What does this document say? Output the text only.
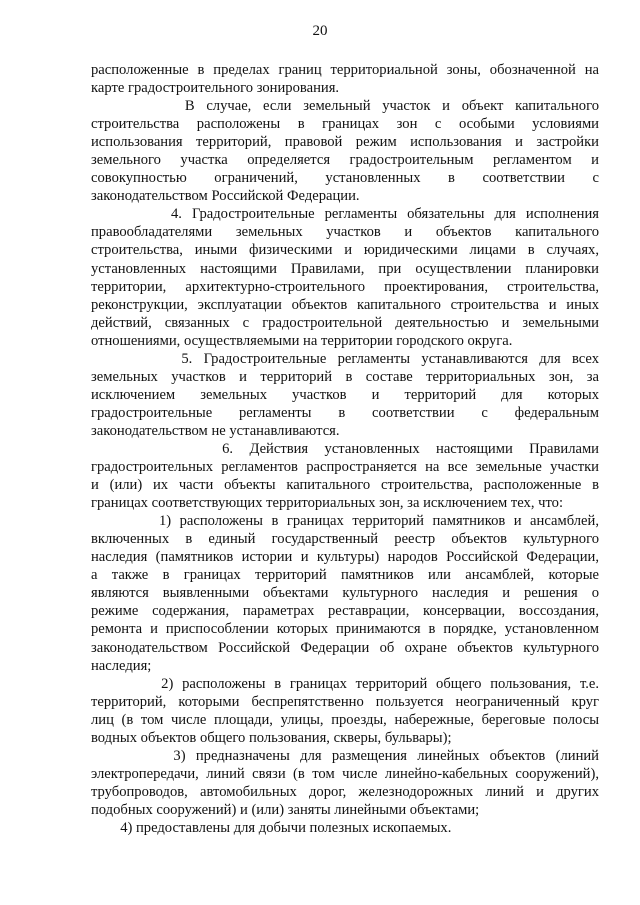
20

расположенные в пределах границ территориальной зоны, обозначенной на
карте градостроительного зонирования.

В случае, если земельный участок и объект капитального
строительства расположены в границах зон с особыми условиями
использования территорий, правовой режим использования и застройки
земельного участка определяется градостроительным регламентом и
совокупностью ограничений, установленных в соответствии с
законодательством Российской Федерации.

4. Градостроительные регламенты обязательны для исполнения
правообладателями земельных участков и объектов капитального
строительства, иными физическими и юридическими лицами в случаях,
установленных настоящими Правилами, при осуществлении планировки
территории, архитектурно-строительного проектирования, строительства,
реконструкции, эксплуатации объектов капитального строительства и иных
действий, связанных с градостроительной деятельностью и земельными
отношениями, осуществляемыми на территории городского округа.

5. Градостроительные регламенты устанавливаются для всех
земельных участков и территорий в составе территориальных зон, за
исключением земельных участков и территорий для которых
градостроительные регламенты в соответствии с федеральным
законодательством не устанавливаются.

6. Действия установленных настоящими Правилами
градостроительных регламентов распространяется на все земельные участки
и (или) их части объекты капитального строительства, расположенные в
границах соответствующих территориальных зон, за исключением тех, что:

1) расположены в границах территорий памятников и ансамблей,
включенных в единый государственный реестр объектов культурного
наследия (памятников истории и культуры) народов Российской Федерации,
а также в границах территорий памятников или ансамблей, которые
являются выявленными объектами культурного наследия и решения о
режиме содержания, параметрах реставрации, консервации, воссоздания,
ремонта и приспособлении которых принимаются в порядке, установленном
законодательством Российской Федерации об охране объектов культурного
наследия;

2) расположены в границах территорий общего пользования, т.е.
территорий, которыми беспрепятственно пользуется неограниченный круг
лиц (в том числе площади, улицы, проезды, набережные, береговые полосы
водных объектов общего пользования, скверы, бульвары);

3) предназначены для размещения линейных объектов (линий
электропередачи, линий связи (в том числе линейно-кабельных сооружений),
трубопроводов, автомобильных дорог, железнодорожных линий и других
подобных сооружений) и (или) заняты линейными объектами;

4) предоставлены для добычи полезных ископаемых.
